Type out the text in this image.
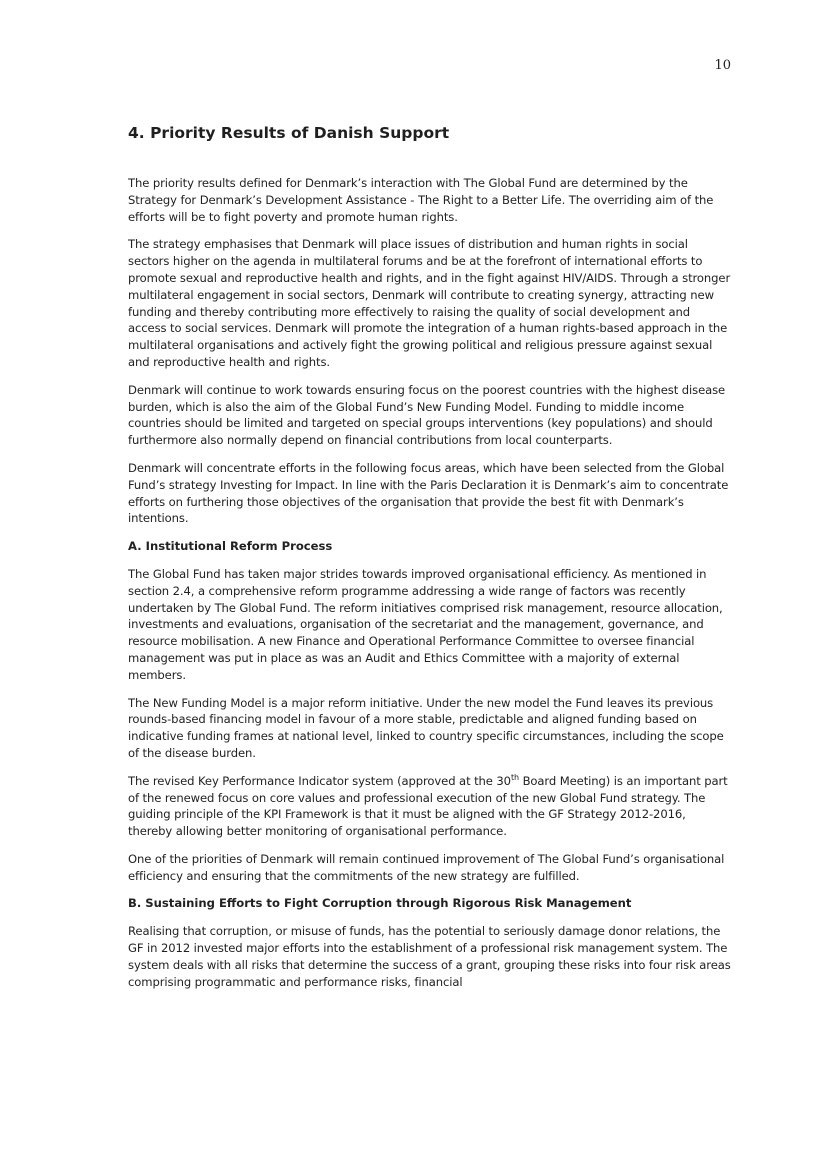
10
4. Priority Results of Danish Support

The priority results defined for Denmark’s interaction with The Global Fund are determined by the Strategy for Denmark’s Development Assistance - The Right to a Better Life. The overriding aim of the efforts will be to fight poverty and promote human rights.

The strategy emphasises that Denmark will place issues of distribution and human rights in social sectors higher on the agenda in multilateral forums and be at the forefront of international efforts to promote sexual and reproductive health and rights, and in the fight against HIV/AIDS. Through a stronger multilateral engagement in social sectors, Denmark will contribute to creating synergy, attracting new funding and thereby contributing more effectively to raising the quality of social development and access to social services. Denmark will promote the integration of a human rights-based approach in the multilateral organisations and actively fight the growing political and religious pressure against sexual and reproductive health and rights.

Denmark will continue to work towards ensuring focus on the poorest countries with the highest disease burden, which is also the aim of the Global Fund’s New Funding Model. Funding to middle income countries should be limited and targeted on special groups interventions (key populations) and should furthermore also normally depend on financial contributions from local counterparts.

Denmark will concentrate efforts in the following focus areas, which have been selected from the Global Fund’s strategy Investing for Impact. In line with the Paris Declaration it is Denmark’s aim to concentrate efforts on furthering those objectives of the organisation that provide the best fit with Denmark’s intentions.

A. Institutional Reform Process

The Global Fund has taken major strides towards improved organisational efficiency. As mentioned in section 2.4, a comprehensive reform programme addressing a wide range of factors was recently undertaken by The Global Fund. The reform initiatives comprised risk management, resource allocation, investments and evaluations, organisation of the secretariat and the management, governance, and resource mobilisation. A new Finance and Operational Performance Committee to oversee financial management was put in place as was an Audit and Ethics Committee with a majority of external members.

The New Funding Model is a major reform initiative. Under the new model the Fund leaves its previous rounds-based financing model in favour of a more stable, predictable and aligned funding based on indicative funding frames at national level, linked to country specific circumstances, including the scope of the disease burden.

The revised Key Performance Indicator system (approved at the 30th Board Meeting) is an important part of the renewed focus on core values and professional execution of the new Global Fund strategy. The guiding principle of the KPI Framework is that it must be aligned with the GF Strategy 2012-2016, thereby allowing better monitoring of organisational performance.

One of the priorities of Denmark will remain continued improvement of The Global Fund’s organisational efficiency and ensuring that the commitments of the new strategy are fulfilled.

B. Sustaining Efforts to Fight Corruption through Rigorous Risk Management

Realising that corruption, or misuse of funds, has the potential to seriously damage donor relations, the GF in 2012 invested major efforts into the establishment of a professional risk management system. The system deals with all risks that determine the success of a grant, grouping these risks into four risk areas comprising programmatic and performance risks, financial
